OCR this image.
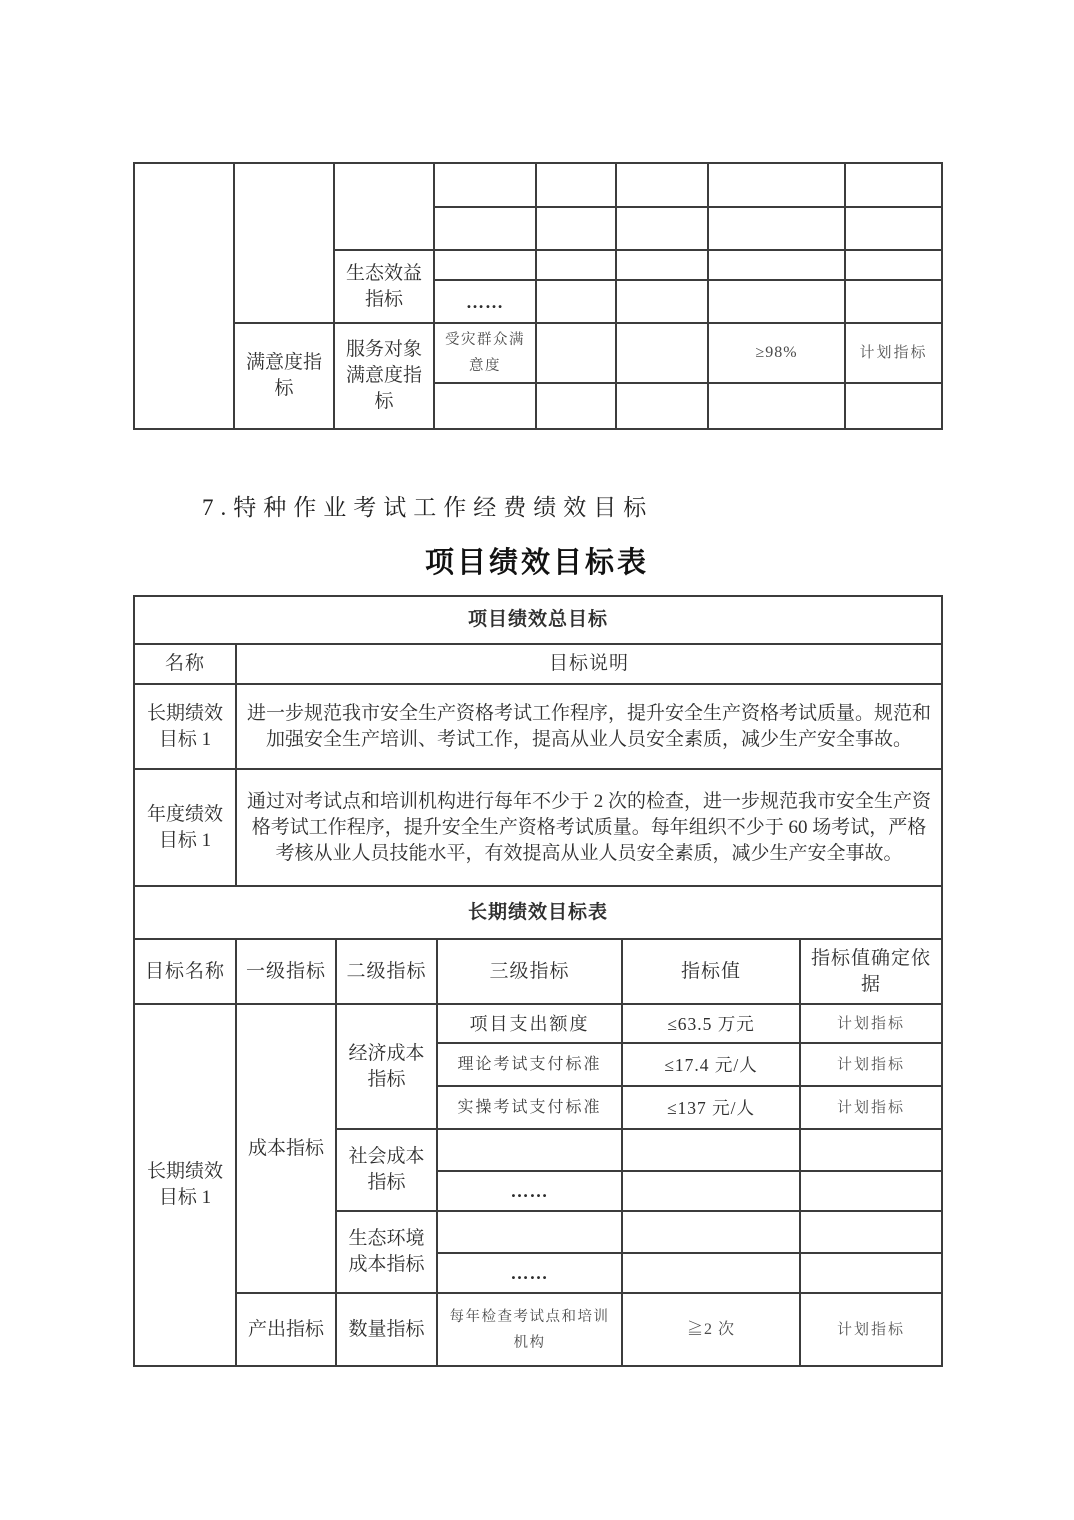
		生态效益指标					
			……				
	满意度指标	服务对象满意度指标	受灾群众满意度			≥98%	计划指标

7.特种作业考试工作经费绩效目标
项目绩效目标表
项目绩效总目标					
名称	目标说明				
长期绩效目标 1	进一步规范我市安全生产资格考试工作程序，提升安全生产资格考试质量。规范和加强安全生产培训、考试工作，提高从业人员安全素质，减少生产安全事故。				
年度绩效目标 1	通过对考试点和培训机构进行每年不少于 2 次的检查，进一步规范我市安全生产资格考试工作程序，提升安全生产资格考试质量。每年组织不少于 60 场考试，严格考核从业人员技能水平，有效提高从业人员安全素质，减少生产安全事故。				
长期绩效目标表					
目标名称	一级指标	二级指标	三级指标	指标值	指标值确定依据
长期绩效目标 1	成本指标	经济成本指标	项目支出额度	≤63.5 万元	计划指标
			理论考试支付标准	≤17.4 元/人	计划指标
			实操考试支付标准	≤137 元/人	计划指标
		社会成本指标			
			……		
		生态环境成本指标			
			……		
	产出指标	数量指标	每年检查考试点和培训机构	≧2 次	计划指标
